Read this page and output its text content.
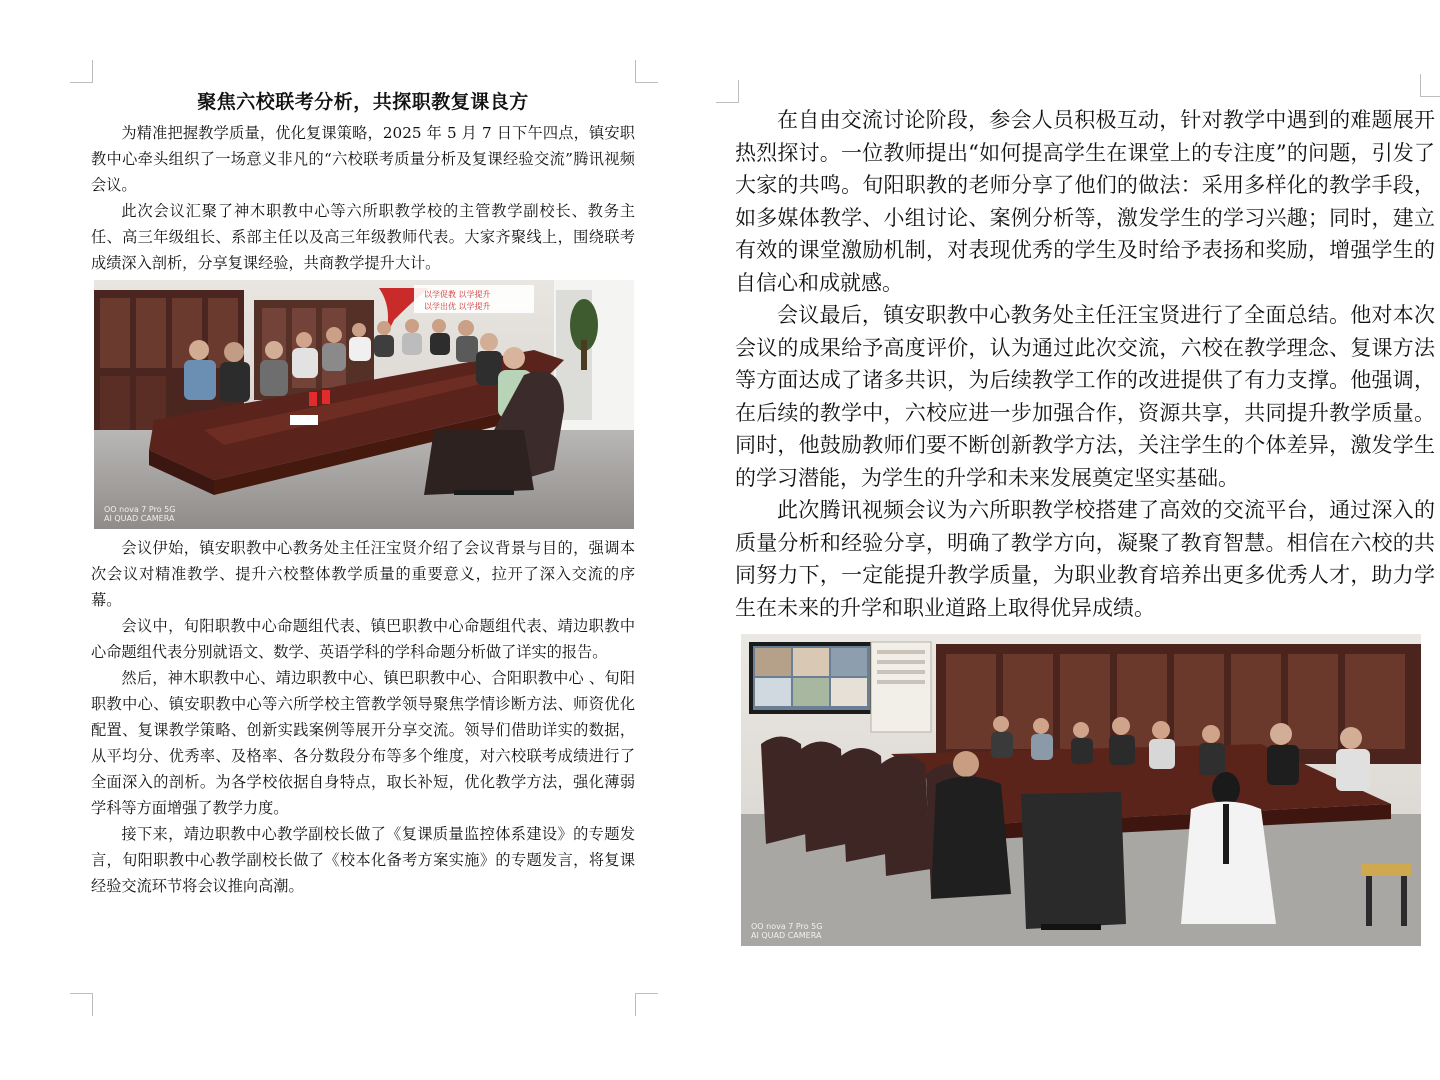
聚焦六校联考分析，共探职教复课良方

为精准把握教学质量，优化复课策略，2025 年 5 月 7 日下午四点，镇安职教中心牵头组织了一场意义非凡的“六校联考质量分析及复课经验交流”腾讯视频会议。

此次会议汇聚了神木职教中心等六所职教学校的主管教学副校长、教务主任、高三年级组长、系部主任以及高三年级教师代表。大家齐聚线上，围绕联考成绩深入剖析，分享复课经验，共商教学提升大计。

以学促教 以学提升
以学出优 以学提升
OO nova 7 Pro 5G
AI QUAD CAMERA

会议伊始，镇安职教中心教务处主任汪宝贤介绍了会议背景与目的，强调本次会议对精准教学、提升六校整体教学质量的重要意义，拉开了深入交流的序幕。

会议中，旬阳职教中心命题组代表、镇巴职教中心命题组代表、靖边职教中心命题组代表分别就语文、数学、英语学科的学科命题分析做了详实的报告。

然后，神木职教中心、靖边职教中心、镇巴职教中心、合阳职教中心 、旬阳职教中心、镇安职教中心等六所学校主管教学领导聚焦学情诊断方法、师资优化配置、复课教学策略、创新实践案例等展开分享交流。领导们借助详实的数据，从平均分、优秀率、及格率、各分数段分布等多个维度，对六校联考成绩进行了全面深入的剖析。为各学校依据自身特点，取长补短，优化教学方法，强化薄弱学科等方面增强了教学力度。

接下来，靖边职教中心教学副校长做了《复课质量监控体系建设》的专题发言，旬阳职教中心教学副校长做了《校本化备考方案实施》的专题发言，将复课经验交流环节将会议推向高潮。

在自由交流讨论阶段，参会人员积极互动，针对教学中遇到的难题展开热烈探讨。一位教师提出“如何提高学生在课堂上的专注度”的问题，引发了大家的共鸣。旬阳职教的老师分享了他们的做法：采用多样化的教学手段，如多媒体教学、小组讨论、案例分析等，激发学生的学习兴趣；同时，建立有效的课堂激励机制，对表现优秀的学生及时给予表扬和奖励，增强学生的自信心和成就感。

会议最后，镇安职教中心教务处主任汪宝贤进行了全面总结。他对本次会议的成果给予高度评价，认为通过此次交流，六校在教学理念、复课方法等方面达成了诸多共识，为后续教学工作的改进提供了有力支撑。他强调，在后续的教学中，六校应进一步加强合作，资源共享，共同提升教学质量。同时，他鼓励教师们要不断创新教学方法，关注学生的个体差异，激发学生的学习潜能，为学生的升学和未来发展奠定坚实基础。

此次腾讯视频会议为六所职教学校搭建了高效的交流平台，通过深入的质量分析和经验分享，明确了教学方向，凝聚了教育智慧。相信在六校的共同努力下，一定能提升教学质量，为职业教育培养出更多优秀人才，助力学生在未来的升学和职业道路上取得优异成绩。

OO nova 7 Pro 5G
AI QUAD CAMERA
